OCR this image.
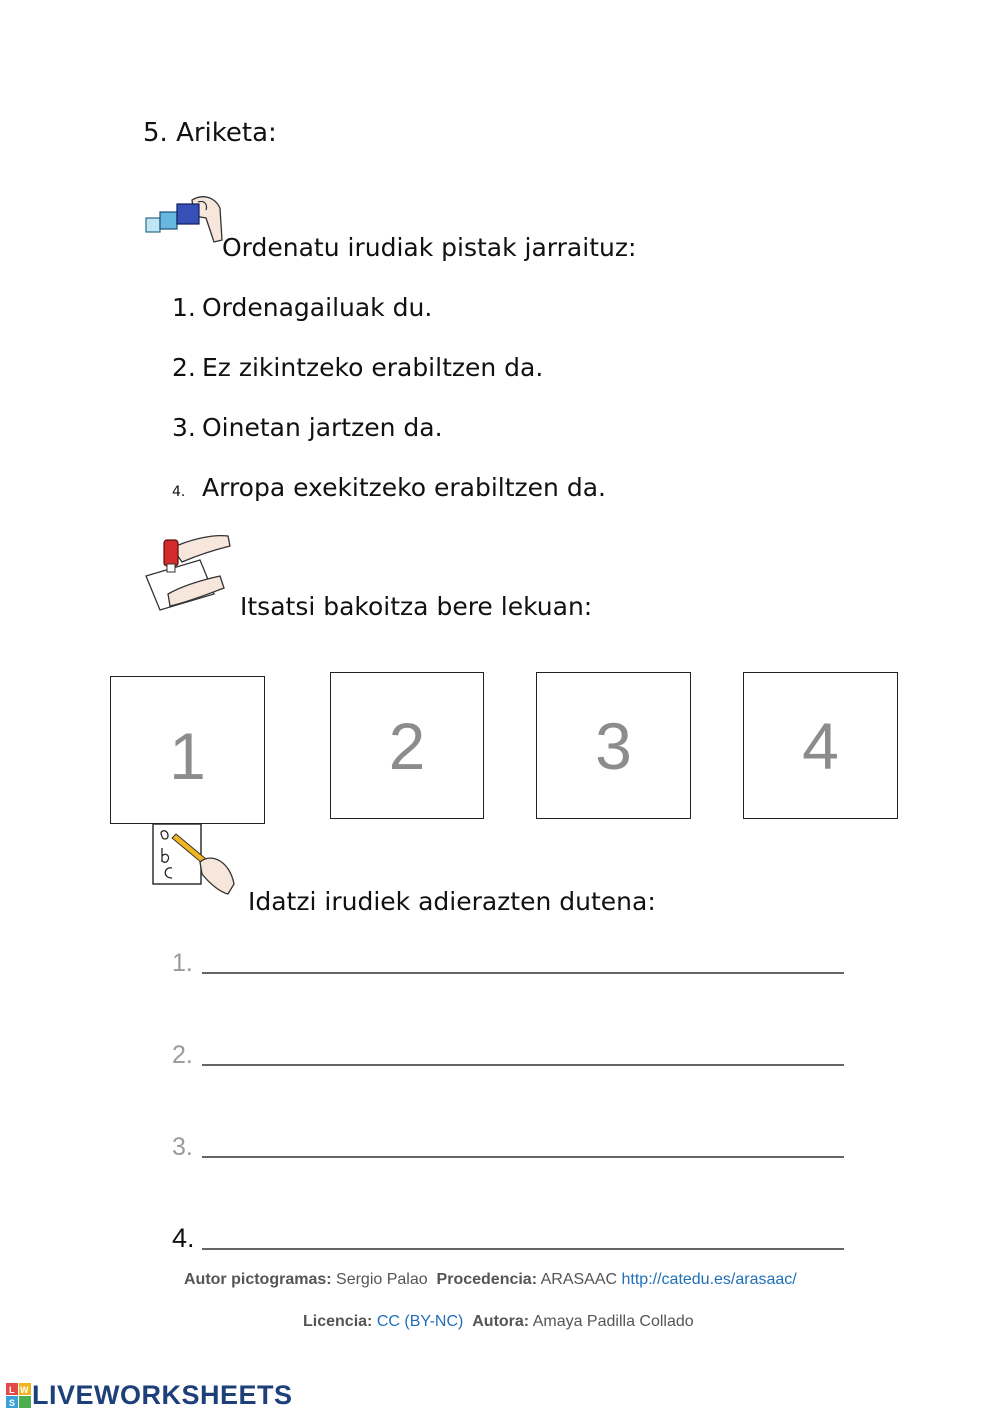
5. Ariketa:
Ordenatu irudiak pistak jarraituz:
1. Ordenagailuak du.
2. Ez zikintzeko erabiltzen da.
3. Oinetan jartzen da.
4. Arropa exekitzeko erabiltzen da.
Itsatsi bakoitza bere lekuan:
1	2	3	4
Idatzi irudiek adierazten dutena:
1.
2.
3.
4.
Autor pictogramas: Sergio Palao Procedencia: ARASAAC http://catedu.es/arasaac/
Licencia: CC (BY-NC) Autora: Amaya Padilla Collado
L W
S LIVEWORKSHEETS
